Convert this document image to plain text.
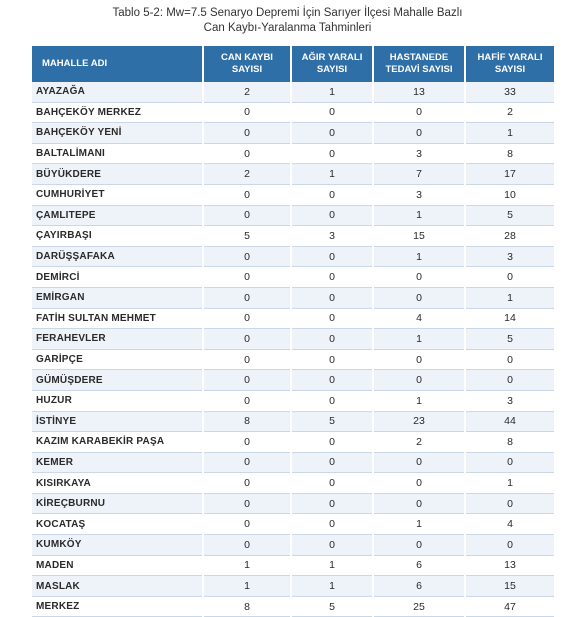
Tablo 5-2: Mw=7.5 Senaryo Depremi İçin Sarıyer İlçesi Mahalle Bazlı
Can Kaybı-Yaralanma Tahminleri
MAHALLE ADI	CAN KAYBI SAYISI	AĞIR YARALI SAYISI	HASTANEDE TEDAVİ SAYISI	HAFİF YARALI SAYISI
AYAZAĞA	2	1	13	33
BAHÇEKÖY MERKEZ	0	0	0	2
BAHÇEKÖY YENİ	0	0	0	1
BALTALİMANI	0	0	3	8
BÜYÜKDERE	2	1	7	17
CUMHURİYET	0	0	3	10
ÇAMLITEPE	0	0	1	5
ÇAYIRBAŞI	5	3	15	28
DARÜŞŞAFAKA	0	0	1	3
DEMİRCİ	0	0	0	0
EMİRGAN	0	0	0	1
FATİH SULTAN MEHMET	0	0	4	14
FERAHEVLER	0	0	1	5
GARİPÇE	0	0	0	0
GÜMÜŞDERE	0	0	0	0
HUZUR	0	0	1	3
İSTİNYE	8	5	23	44
KAZIM KARABEKİR PAŞA	0	0	2	8
KEMER	0	0	0	0
KISIRKAYA	0	0	0	1
KİREÇBURNU	0	0	0	0
KOCATAŞ	0	0	1	4
KUMKÖY	0	0	0	0
MADEN	1	1	6	13
MASLAK	1	1	6	15
MERKEZ	8	5	25	47
